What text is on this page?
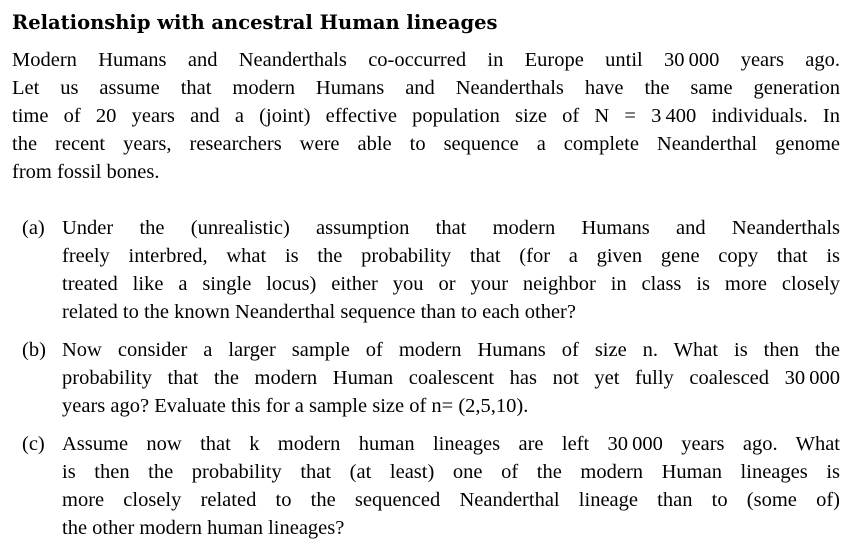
Relationship with ancestral Human lineages

Modern Humans and Neanderthals co-occurred in Europe until 30 000 years ago.
Let us assume that modern Humans and Neanderthals have the same generation
time of 20 years and a (joint) effective population size of N = 3 400 individuals. In
the recent years, researchers were able to sequence a complete Neanderthal genome
from fossil bones.

(a) Under the (unrealistic) assumption that modern Humans and Neanderthals
freely interbred, what is the probability that (for a given gene copy that is
treated like a single locus) either you or your neighbor in class is more closely
related to the known Neanderthal sequence than to each other?
(b) Now consider a larger sample of modern Humans of size n. What is then the
probability that the modern Human coalescent has not yet fully coalesced 30 000
years ago? Evaluate this for a sample size of n= (2,5,10).
(c) Assume now that k modern human lineages are left 30 000 years ago. What
is then the probability that (at least) one of the modern Human lineages is
more closely related to the sequenced Neanderthal lineage than to (some of)
the other modern human lineages?
